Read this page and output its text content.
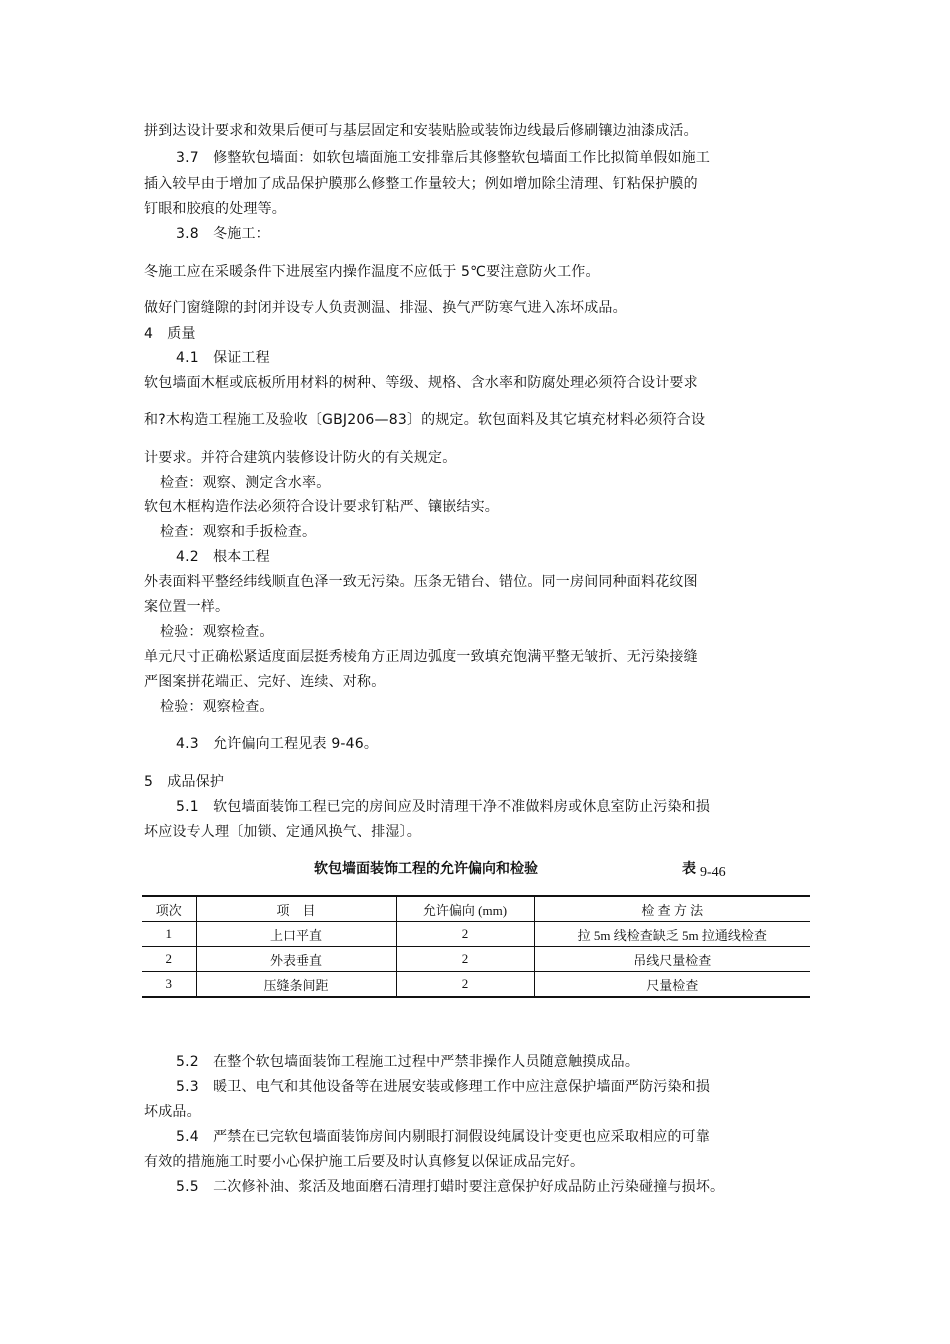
拼到达设计要求和效果后便可与基层固定和安装贴脸或装饰边线最后修刷镶边油漆成活。
3.7　修整软包墙面：如软包墙面施工安排靠后其修整软包墙面工作比拟简单假如施工
插入较早由于增加了成品保护膜那么修整工作量较大；例如增加除尘清理、钉粘保护膜的
钉眼和胶痕的处理等。
3.8　冬施工：
冬施工应在采暖条件下进展室内操作温度不应低于 5℃要注意防火工作。
做好门窗缝隙的封闭并设专人负责测温、排湿、换气严防寒气进入冻坏成品。
4　质量
4.1　保证工程
软包墙面木框或底板所用材料的树种、等级、规格、含水率和防腐处理必须符合设计要求
和?木构造工程施工及验收〔GBJ206—83〕的规定。软包面料及其它填充材料必须符合设
计要求。并符合建筑内装修设计防火的有关规定。
检查：观察、测定含水率。
软包木框构造作法必须符合设计要求钉粘严、镶嵌结实。
检查：观察和手扳检查。
4.2　根本工程
外表面料平整经纬线顺直色泽一致无污染。压条无错台、错位。同一房间同种面料花纹图
案位置一样。
检验：观察检查。
单元尺寸正确松紧适度面层挺秀棱角方正周边弧度一致填充饱满平整无皱折、无污染接缝
严图案拼花端正、完好、连续、对称。
检验：观察检查。
4.3　允许偏向工程见表 9-46。
5　成品保护
5.1　软包墙面装饰工程已完的房间应及时清理干净不准做料房或休息室防止污染和损
坏应设专人理〔加锁、定通风换气、排湿〕。
软包墙面装饰工程的允许偏向和检验	表 9-46
项次	项　目	允许偏向 (mm)	检 查 方 法
1	上口平直	2	拉 5m 线检查缺乏 5m 拉通线检查
2	外表垂直	2	吊线尺量检查
3	压缝条间距	2	尺量检查
5.2　在整个软包墙面装饰工程施工过程中严禁非操作人员随意触摸成品。
5.3　暖卫、电气和其他设备等在进展安装或修理工作中应注意保护墙面严防污染和损
坏成品。
5.4　严禁在已完软包墙面装饰房间内剔眼打洞假设纯属设计变更也应采取相应的可靠
有效的措施施工时要小心保护施工后要及时认真修复以保证成品完好。
5.5　二次修补油、浆活及地面磨石清理打蜡时要注意保护好成品防止污染碰撞与损坏。
